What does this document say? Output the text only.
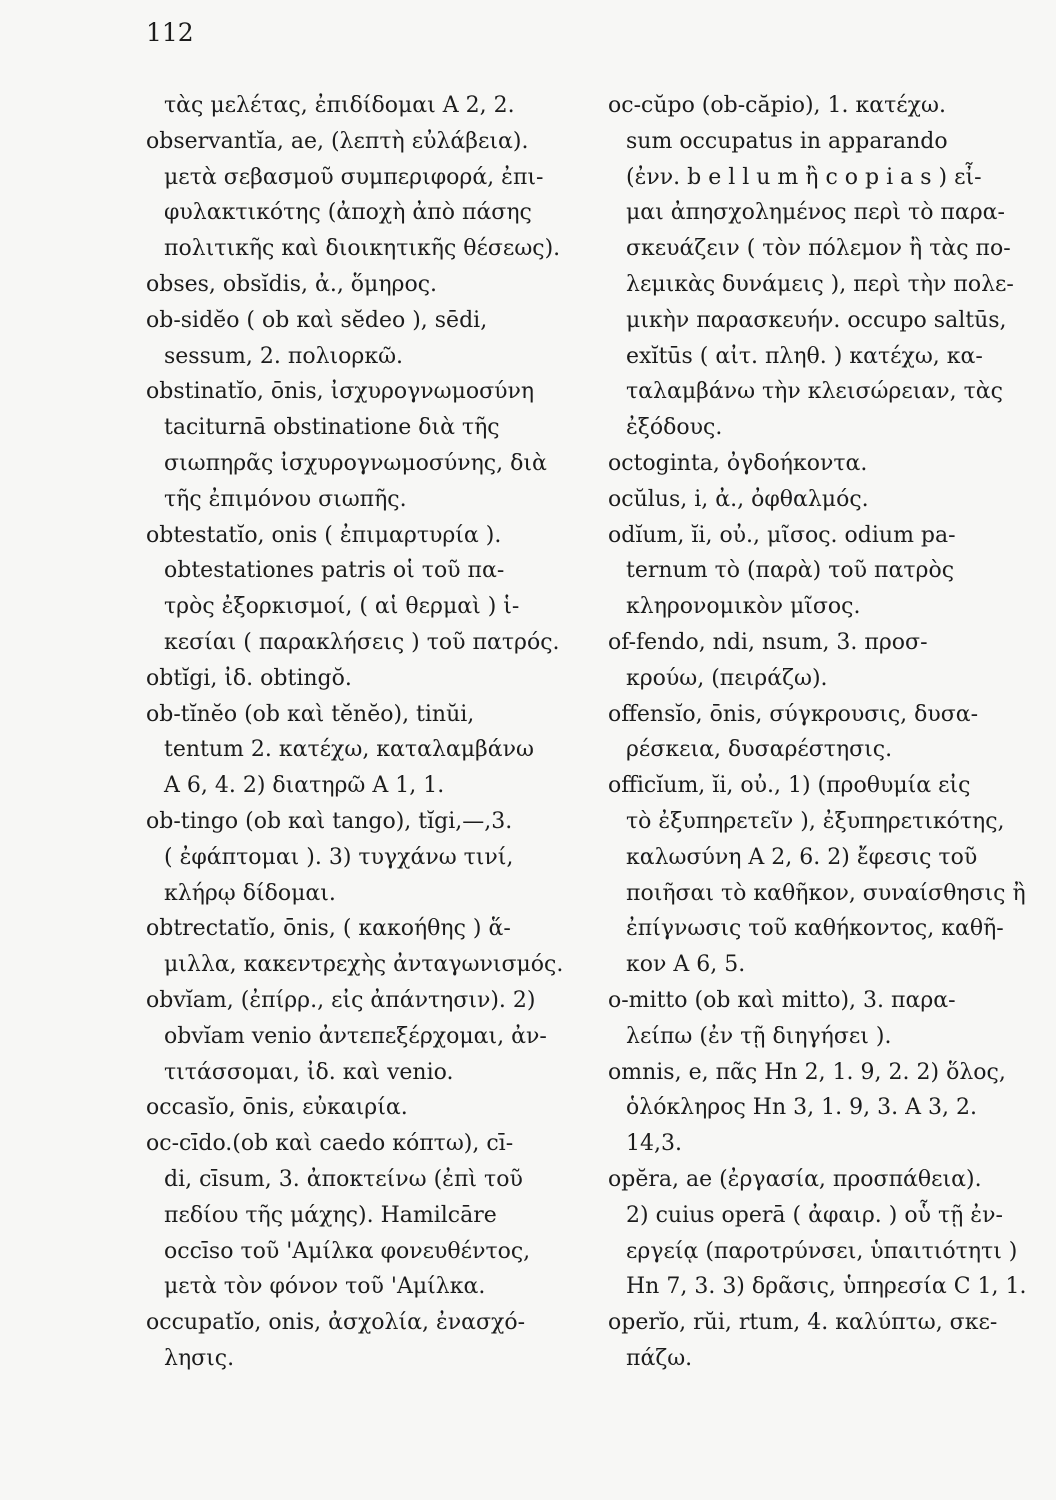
112
τὰς μελέτας, ἐπιδίδομαι Α 2, 2.
observantĭa, ae, (λεπτὴ εὐλάβεια).
μετὰ σεβασμοῦ συμπεριφορά, ἐπι-
φυλακτικότης (ἀποχὴ ἀπὸ πάσης
πολιτικῆς καὶ διοικητικῆς θέσεως).
obses, obsĭdis, ἀ., ὅμηρος.
ob-sidĕo ( ob καὶ sĕdeo ), sēdi,
sessum, 2. πολιορκῶ.
obstinatĭo, ōnis, ἰσχυρογνωμοσύνη
taciturnā obstinatione διὰ τῆς
σιωπηρᾶς ἰσχυρογνωμοσύνης, διὰ
τῆς ἐπιμόνου σιωπῆς.
obtestatĭo, onis ( ἐπιμαρτυρία ).
obtestationes patris οἱ τοῦ πα-
τρὸς ἐξορκισμοί, ( αἱ θερμαὶ ) ἱ-
κεσίαι ( παρακλήσεις ) τοῦ πατρός.
obtĭgi, ἰδ. obtingŏ.
ob-tĭnĕo (ob καὶ tĕnĕo), tinŭi,
tentum 2. κατέχω, καταλαμβάνω
Α 6, 4. 2) διατηρῶ Α 1, 1.
ob-tingo (ob καὶ tango), tĭgi,—,3.
( ἐφάπτομαι ). 3) τυγχάνω τινί,
κλήρῳ δίδομαι.
obtrectatĭo, ōnis, ( κακοήθης ) ἅ-
μιλλα, κακεντρεχὴς ἀνταγωνισμός.
obvĭam, (ἐπίρρ., εἰς ἀπάντησιν). 2)
obvĭam venio ἀντεπεξέρχομαι, ἀν-
τιτάσσομαι, ἰδ. καὶ venio.
occasĭo, ōnis, εὐκαιρία.
oc-cīdo.(ob καὶ caedo κόπτω), cī-
di, cīsum, 3. ἀποκτείνω (ἐπὶ τοῦ
πεδίου τῆς μάχης). Hamilcāre
occīso τοῦ 'Αμίλκα φονευθέντος,
μετὰ τὸν φόνον τοῦ 'Αμίλκα.
occupatĭo, onis, ἀσχολία, ἐνασχό-
λησις.
oc-cŭpo (ob-căpio), 1. κατέχω.
sum occupatus in apparando
(ἐνν. b e l l u m ἢ c o p i a s ) εἶ-
μαι ἀπησχολημένος περὶ τὸ παρα-
σκευάζειν ( τὸν πόλεμον ἢ τὰς πο-
λεμικὰς δυνάμεις ), περὶ τὴν πολε-
μικὴν παρασκευήν. occupo saltūs,
exĭtūs ( αἰτ. πληθ. ) κατέχω, κα-
ταλαμβάνω τὴν κλεισώρειαν, τὰς
ἐξόδους.
octoginta, ὀγδοήκοντα.
ocŭlus, i, ἀ., ὀφθαλμός.
odĭum, ĭi, οὐ., μῖσος. odium pa-
ternum τὸ (παρὰ) τοῦ πατρὸς
κληρονομικὸν μῖσος.
of-fendo, ndi, nsum, 3. προσ-
κρούω, (πειράζω).
offensĭo, ōnis, σύγκρουσις, δυσα-
ρέσκεια, δυσαρέστησις.
officĭum, ĭi, οὐ., 1) (προθυμία εἰς
τὸ ἐξυπηρετεῖν ), ἐξυπηρετικότης,
καλωσύνη Α 2, 6. 2) ἔφεσις τοῦ
ποιῆσαι τὸ καθῆκον, συναίσθησις ἢ
ἐπίγνωσις τοῦ καθήκοντος, καθῆ-
κον Α 6, 5.
o-mitto (ob καὶ mitto), 3. παρα-
λείπω (ἐν τῇ διηγήσει ).
omnis, e, πᾶς Hn 2, 1. 9, 2. 2) ὅλος,
ὁλόκληρος Hn 3, 1. 9, 3. Α 3, 2.
14,3.
opĕra, ae (ἐργασία, προσπάθεια).
2) cuius operā ( ἀφαιρ. ) οὗ τῇ ἐν-
εργείᾳ (παροτρύνσει, ὑπαιτιότητι )
Hn 7, 3. 3) δρᾶσις, ὑπηρεσία C 1, 1.
operĭo, rŭi, rtum, 4. καλύπτω, σκε-
πάζω.
